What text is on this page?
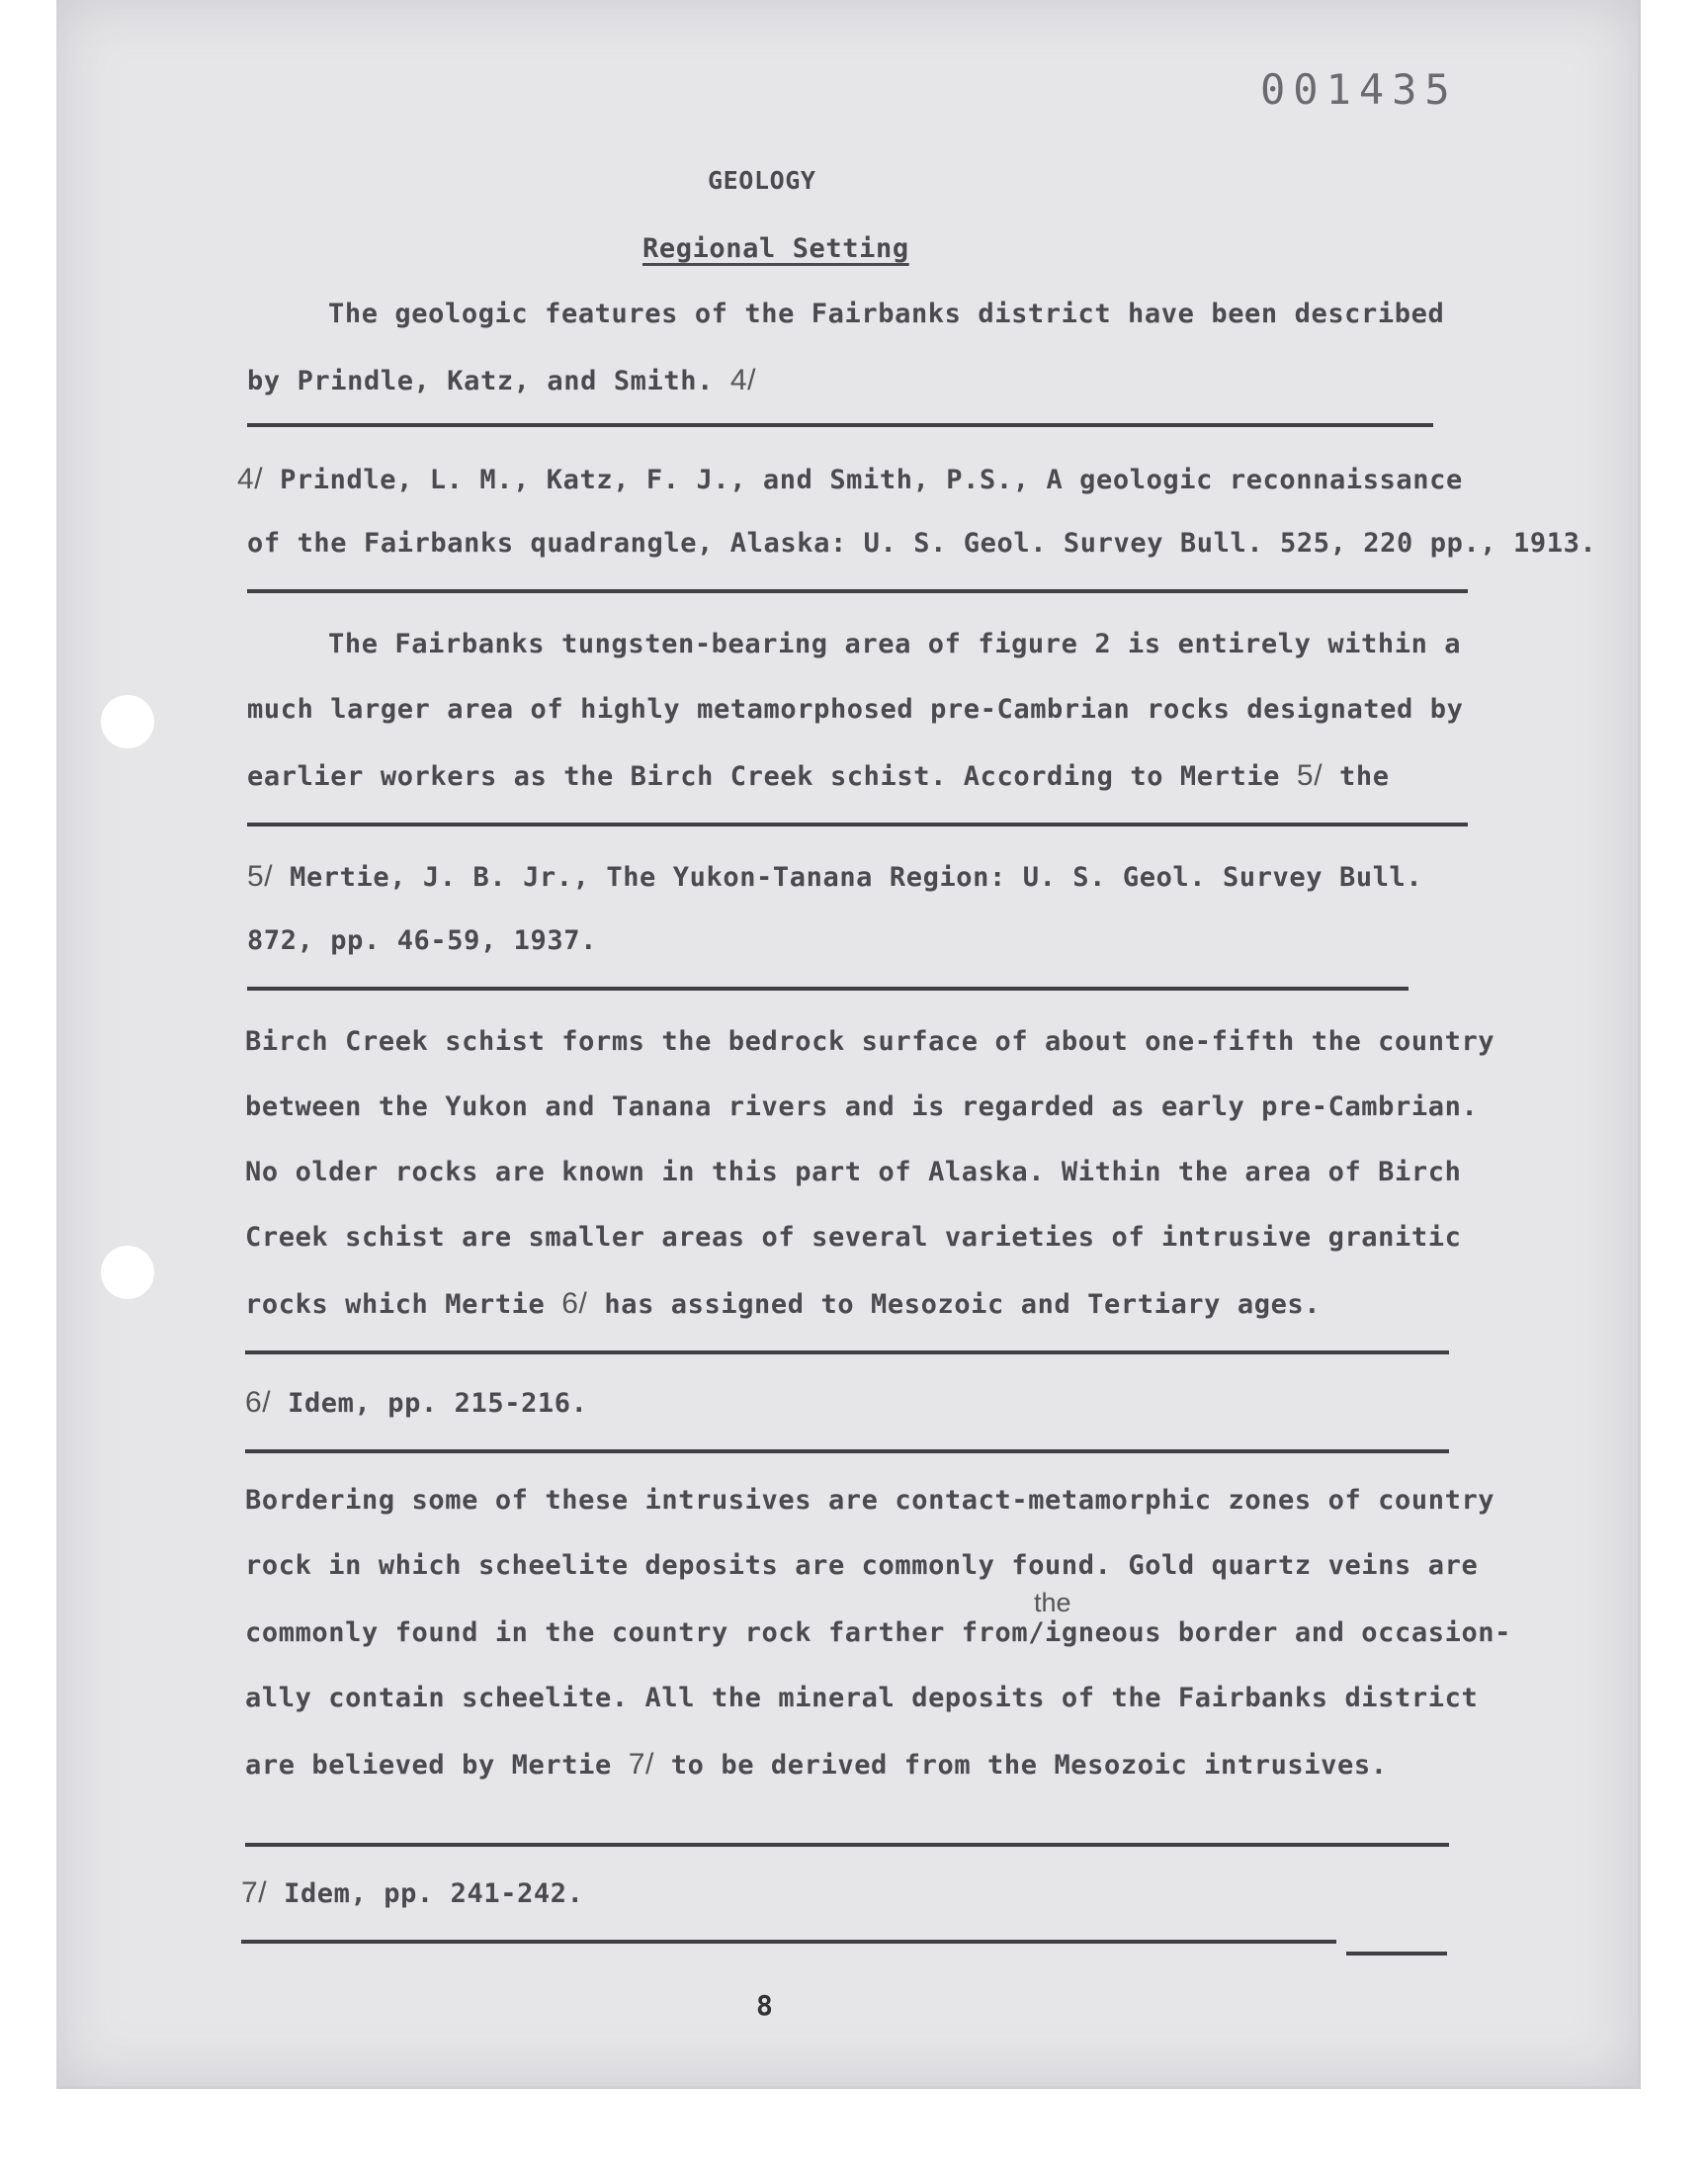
001435
GEOLOGY
Regional Setting
The geologic features of the Fairbanks district have been described
by Prindle, Katz, and Smith. 4/
4/ Prindle, L. M., Katz, F. J., and Smith, P.S., A geologic reconnaissance
of the Fairbanks quadrangle, Alaska: U. S. Geol. Survey Bull. 525, 220 pp., 1913.
The Fairbanks tungsten-bearing area of figure 2 is entirely within a
much larger area of highly metamorphosed pre-Cambrian rocks designated by
earlier workers as the Birch Creek schist. According to Mertie 5/ the
5/ Mertie, J. B. Jr., The Yukon-Tanana Region: U. S. Geol. Survey Bull.
872, pp. 46-59, 1937.
Birch Creek schist forms the bedrock surface of about one-fifth the country
between the Yukon and Tanana rivers and is regarded as early pre-Cambrian.
No older rocks are known in this part of Alaska. Within the area of Birch
Creek schist are smaller areas of several varieties of intrusive granitic
rocks which Mertie 6/ has assigned to Mesozoic and Tertiary ages.
6/ Idem, pp. 215-216.
Bordering some of these intrusives are contact-metamorphic zones of country
rock in which scheelite deposits are commonly found. Gold quartz veins are
the
commonly found in the country rock farther from/igneous border and occasion-
ally contain scheelite. All the mineral deposits of the Fairbanks district
are believed by Mertie 7/ to be derived from the Mesozoic intrusives.
7/ Idem, pp. 241-242.
8
